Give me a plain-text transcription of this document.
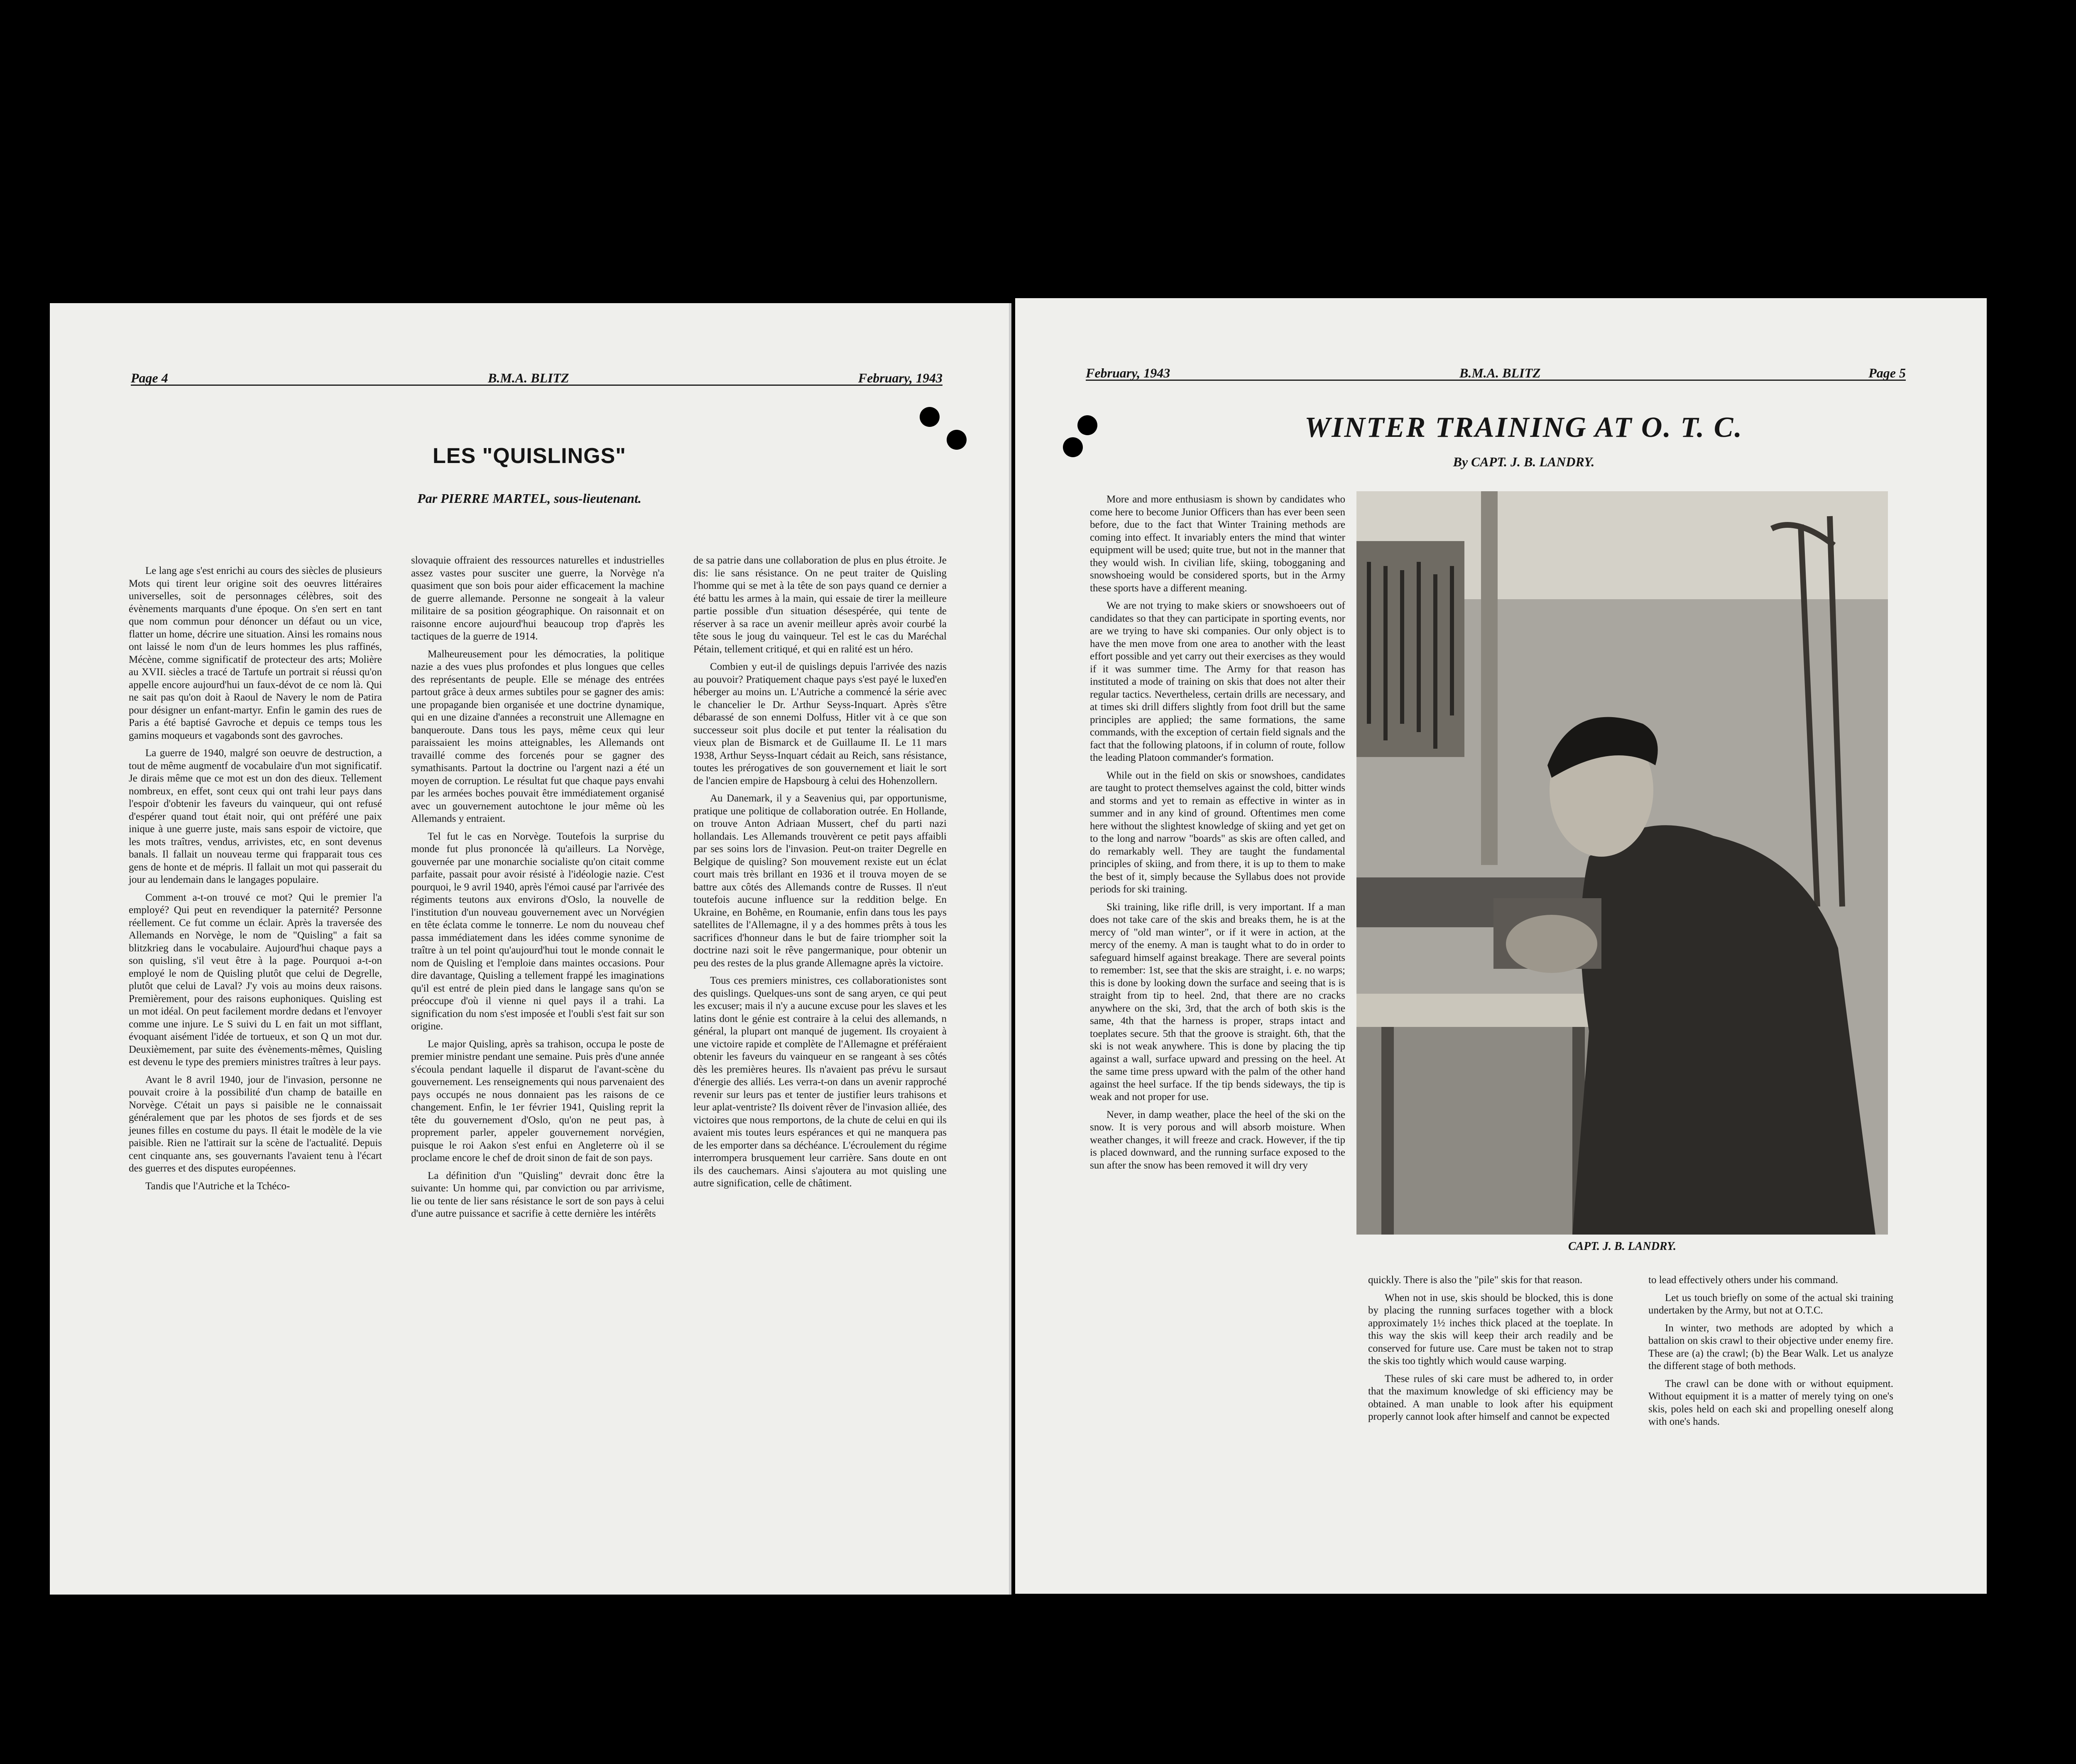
Page 4	B.M.A. BLITZ	February, 1943
LES "QUISLINGS"
Par PIERRE MARTEL, sous-lieutenant.

Le lang age s'est enrichi au cours des siècles de plusieurs Mots qui tirent leur origine soit des oeuvres littéraires universelles, soit de personnages célèbres, soit des évènements marquants d'une époque. On s'en sert en tant que nom commun pour dénoncer un défaut ou un vice, flatter un home, décrire une situation. Ainsi les romains nous ont laissé le nom d'un de leurs hommes les plus raffinés, Mécène, comme significatif de protecteur des arts; Molière au XVII. siècles a tracé de Tartufe un portrait si réussi qu'on appelle encore aujourd'hui un faux-dévot de ce nom là. Qui ne sait pas qu'on doit à Raoul de Navery le nom de Patira pour désigner un enfant-martyr. Enfin le gamin des rues de Paris a été baptisé Gavroche et depuis ce temps tous les gamins moqueurs et vagabonds sont des gavroches.

La guerre de 1940, malgré son oeuvre de destruction, a tout de même augmentf de vocabulaire d'un mot significatif. Je dirais même que ce mot est un don des dieux. Tellement nombreux, en effet, sont ceux qui ont trahi leur pays dans l'espoir d'obtenir les faveurs du vainqueur, qui ont refusé d'espérer quand tout était noir, qui ont préféré une paix inique à une guerre juste, mais sans espoir de victoire, que les mots traîtres, vendus, arrivistes, etc, en sont devenus banals. Il fallait un nouveau terme qui frapparait tous ces gens de honte et de mépris. Il fallait un mot qui passerait du jour au lendemain dans le langages populaire.

Comment a-t-on trouvé ce mot? Qui le premier l'a employé? Qui peut en revendiquer la paternité? Personne réellement. Ce fut comme un éclair. Après la traversée des Allemands en Norvège, le nom de "Quisling" a fait sa blitzkrieg dans le vocabulaire. Aujourd'hui chaque pays a son quisling, s'il veut être à la page. Pourquoi a-t-on employé le nom de Quisling plutôt que celui de Degrelle, plutôt que celui de Laval? J'y vois au moins deux raisons. Premièrement, pour des raisons euphoniques. Quisling est un mot idéal. On peut facilement mordre dedans et l'envoyer comme une injure. Le S suivi du L en fait un mot sifflant, évoquant aisément l'idée de tortueux, et son Q un mot dur. Deuxièmement, par suite des évènements-mêmes, Quisling est devenu le type des premiers ministres traîtres à leur pays.

Avant le 8 avril 1940, jour de l'invasion, personne ne pouvait croire à la possibilité d'un champ de bataille en Norvège. C'était un pays si paisible ne le connaissait généralement que par les photos de ses fjords et de ses jeunes filles en costume du pays. Il était le modèle de la vie paisible. Rien ne l'attirait sur la scène de l'actualité. Depuis cent cinquante ans, ses gouvernants l'avaient tenu à l'écart des guerres et des disputes européennes.

Tandis que l'Autriche et la Tchéco-

slovaquie offraient des ressources naturelles et industrielles assez vastes pour susciter une guerre, la Norvège n'a quasiment que son bois pour aider efficacement la machine de guerre allemande. Personne ne songeait à la valeur militaire de sa position géographique. On raisonnait et on raisonne encore aujourd'hui beaucoup trop d'après les tactiques de la guerre de 1914.

Malheureusement pour les démocraties, la politique nazie a des vues plus profondes et plus longues que celles des représentants de peuple. Elle se ménage des entrées partout grâce à deux armes subtiles pour se gagner des amis: une propagande bien organisée et une doctrine dynamique, qui en une dizaine d'années a reconstruit une Allemagne en banqueroute. Dans tous les pays, même ceux qui leur paraissaient les moins atteignables, les Allemands ont travaillé comme des forcenés pour se gagner des symathisants. Partout la doctrine ou l'argent nazi a été un moyen de corruption. Le résultat fut que chaque pays envahi par les armées boches pouvait être immédiatement organisé avec un gouvernement autochtone le jour même où les Allemands y entraient.

Tel fut le cas en Norvège. Toutefois la surprise du monde fut plus prononcée là qu'ailleurs. La Norvège, gouvernée par une monarchie socialiste qu'on citait comme parfaite, passait pour avoir résisté à l'idéologie nazie. C'est pourquoi, le 9 avril 1940, après l'émoi causé par l'arrivée des régiments teutons aux environs d'Oslo, la nouvelle de l'institution d'un nouveau gouvernement avec un Norvégien en tête éclata comme le tonnerre. Le nom du nouveau chef passa immédiatement dans les idées comme synonime de traître à un tel point qu'aujourd'hui tout le monde connait le nom de Quisling et l'emploie dans maintes occasions. Pour dire davantage, Quisling a tellement frappé les imaginations qu'il est entré de plein pied dans le langage sans qu'on se préoccupe d'où il vienne ni quel pays il a trahi. La signification du nom s'est imposée et l'oubli s'est fait sur son origine.

Le major Quisling, après sa trahison, occupa le poste de premier ministre pendant une semaine. Puis près d'une année s'écoula pendant laquelle il disparut de l'avant-scène du gouvernement. Les renseignements qui nous parvenaient des pays occupés ne nous donnaient pas les raisons de ce changement. Enfin, le 1er février 1941, Quisling reprit la tête du gouvernement d'Oslo, qu'on ne peut pas, à proprement parler, appeler gouvernement norvégien, puisque le roi Aakon s'est enfui en Angleterre où il se proclame encore le chef de droit sinon de fait de son pays.

La définition d'un "Quisling" devrait donc être la suivante: Un homme qui, par conviction ou par arrivisme, lie ou tente de lier sans résistance le sort de son pays à celui d'une autre puissance et sacrifie à cette dernière les intérêts

de sa patrie dans une collaboration de plus en plus étroite. Je dis: lie sans résistance. On ne peut traiter de Quisling l'homme qui se met à la tête de son pays quand ce dernier a été battu les armes à la main, qui essaie de tirer la meilleure partie possible d'un situation désespérée, qui tente de réserver à sa race un avenir meilleur après avoir courbé la tête sous le joug du vainqueur. Tel est le cas du Maréchal Pétain, tellement critiqué, et qui en ralité est un héro.

Combien y eut-il de quislings depuis l'arrivée des nazis au pouvoir? Pratiquement chaque pays s'est payé le luxed'en héberger au moins un. L'Autriche a commencé la série avec le chancelier le Dr. Arthur Seyss-Inquart. Après s'être débarassé de son ennemi Dolfuss, Hitler vit à ce que son successeur soit plus docile et put tenter la réalisation du vieux plan de Bismarck et de Guillaume II. Le 11 mars 1938, Arthur Seyss-Inquart cédait au Reich, sans résistance, toutes les prérogatives de son gouvernement et liait le sort de l'ancien empire de Hapsbourg à celui des Hohenzollern.

Au Danemark, il y a Seavenius qui, par opportunisme, pratique une politique de collaboration outrée. En Hollande, on trouve Anton Adriaan Mussert, chef du parti nazi hollandais. Les Allemands trouvèrent ce petit pays affaibli par ses soins lors de l'invasion. Peut-on traiter Degrelle en Belgique de quisling? Son mouvement rexiste eut un éclat court mais très brillant en 1936 et il trouva moyen de se battre aux côtés des Allemands contre de Russes. Il n'eut toutefois aucune influence sur la reddition belge. En Ukraine, en Bohême, en Roumanie, enfin dans tous les pays satellites de l'Allemagne, il y a des hommes prêts à tous les sacrifices d'honneur dans le but de faire triompher soit la doctrine nazi soit le rêve pangermanique, pour obtenir un peu des restes de la plus grande Allemagne après la victoire.

Tous ces premiers ministres, ces collaborationistes sont des quislings. Quelques-uns sont de sang aryen, ce qui peut les excuser; mais il n'y a aucune excuse pour les slaves et les latins dont le génie est contraire à la celui des allemands, n général, la plupart ont manqué de jugement. Ils croyaient à une victoire rapide et complète de l'Allemagne et préféraient obtenir les faveurs du vainqueur en se rangeant à ses côtés dès les premières heures. Ils n'avaient pas prévu le sursaut d'énergie des alliés. Les verra-t-on dans un avenir rapproché revenir sur leurs pas et tenter de justifier leurs trahisons et leur aplat-ventriste? Ils doivent rêver de l'invasion alliée, des victoires que nous remportons, de la chute de celui en qui ils avaient mis toutes leurs espérances et qui ne manquera pas de les emporter dans sa déchéance. L'écroulement du régime interrompera brusquement leur carrière. Sans doute en ont ils des cauchemars. Ainsi s'ajoutera au mot quisling une autre signification, celle de châtiment.

February, 1943	B.M.A. BLITZ	Page 5
WINTER TRAINING AT O. T. C.
By CAPT. J. B. LANDRY.

More and more enthusiasm is shown by candidates who come here to become Junior Officers than has ever been seen before, due to the fact that Winter Training methods are coming into effect. It invariably enters the mind that winter equipment will be used; quite true, but not in the manner that they would wish. In civilian life, skiing, tobogganing and snowshoeing would be considered sports, but in the Army these sports have a different meaning.

We are not trying to make skiers or snowshoeers out of candidates so that they can participate in sporting events, nor are we trying to have ski companies. Our only object is to have the men move from one area to another with the least effort possible and yet carry out their exercises as they would if it was summer time. The Army for that reason has instituted a mode of training on skis that does not alter their regular tactics. Nevertheless, certain drills are necessary, and at times ski drill differs slightly from foot drill but the same principles are applied; the same formations, the same commands, with the exception of certain field signals and the fact that the following platoons, if in column of route, follow the leading Platoon commander's formation.

While out in the field on skis or snowshoes, candidates are taught to protect themselves against the cold, bitter winds and storms and yet to remain as effective in winter as in summer and in any kind of ground. Oftentimes men come here without the slightest knowledge of skiing and yet get on to the long and narrow "boards" as skis are often called, and do remarkably well. They are taught the fundamental principles of skiing, and from there, it is up to them to make the best of it, simply because the Syllabus does not provide periods for ski training.

Ski training, like rifle drill, is very important. If a man does not take care of the skis and breaks them, he is at the mercy of "old man winter", or if it were in action, at the mercy of the enemy. A man is taught what to do in order to safeguard himself against breakage. There are several points to remember: 1st, see that the skis are straight, i. e. no warps; this is done by looking down the surface and seeing that is is straight from tip to heel. 2nd, that there are no cracks anywhere on the ski, 3rd, that the arch of both skis is the same, 4th that the harness is proper, straps intact and toeplates secure. 5th that the groove is straight. 6th, that the ski is not weak anywhere. This is done by placing the tip against a wall, surface upward and pressing on the heel. At the same time press upward with the palm of the other hand against the heel surface. If the tip bends sideways, the tip is weak and not proper for use.

Never, in damp weather, place the heel of the ski on the snow. It is very porous and will absorb moisture. When weather changes, it will freeze and crack. However, if the tip is placed downward, and the running surface exposed to the sun after the snow has been removed it will dry very

CAPT. J. B. LANDRY.

quickly. There is also the "pile" skis for that reason.

When not in use, skis should be blocked, this is done by placing the running surfaces together with a block approximately 1½ inches thick placed at the toeplate. In this way the skis will keep their arch readily and be conserved for future use. Care must be taken not to strap the skis too tightly which would cause warping.

These rules of ski care must be adhered to, in order that the maximum knowledge of ski efficiency may be obtained. A man unable to look after his equipment properly cannot look after himself and cannot be expected

to lead effectively others under his command.

Let us touch briefly on some of the actual ski training undertaken by the Army, but not at O.T.C.

In winter, two methods are adopted by which a battalion on skis crawl to their objective under enemy fire. These are (a) the crawl; (b) the Bear Walk. Let us analyze the different stage of both methods.

The crawl can be done with or without equipment. Without equipment it is a matter of merely tying on one's skis, poles held on each ski and propelling oneself along with one's hands.
